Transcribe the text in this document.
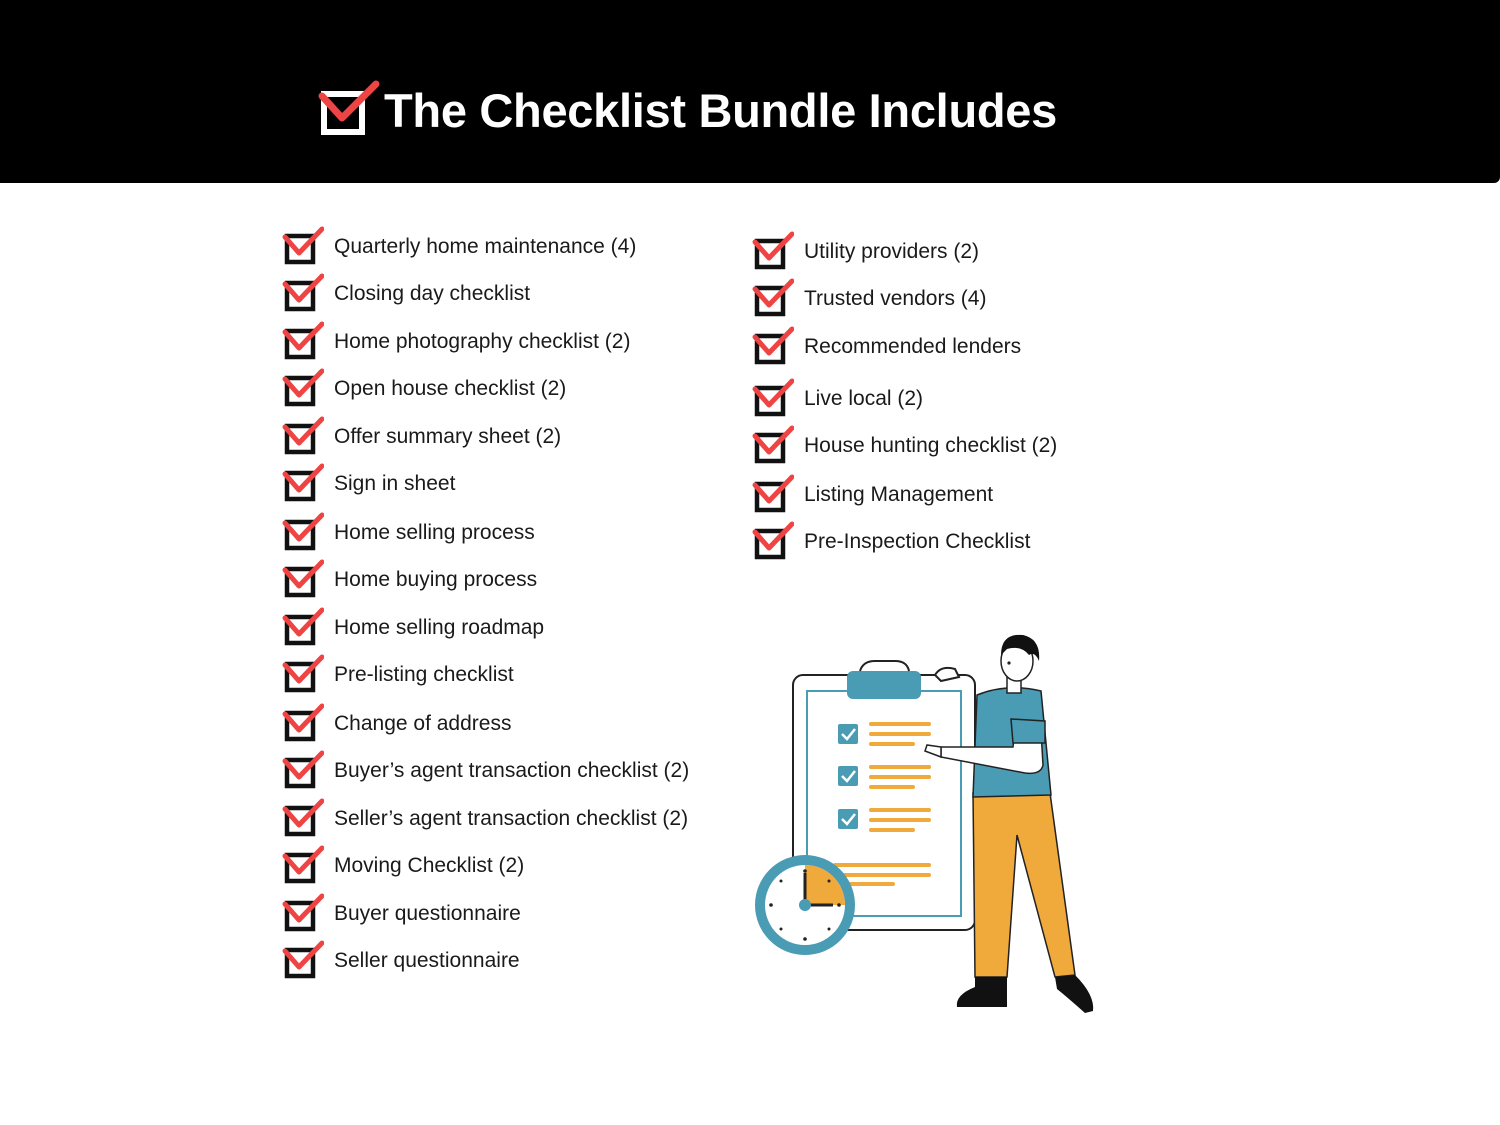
The Checklist Bundle Includes
Quarterly home maintenance (4)
Closing day checklist
Home photography checklist (2)
Open house checklist (2)
Offer summary sheet (2)
Sign in sheet
Home selling process
Home buying process
Home selling roadmap
Pre-listing checklist
Change of address
Buyer’s agent transaction checklist (2)
Seller’s agent transaction checklist (2)
Moving Checklist (2)
Buyer questionnaire
Seller questionnaire
Utility providers (2)
Trusted vendors (4)
Recommended lenders
Live local (2)
House hunting checklist (2)
Listing Management
Pre-Inspection Checklist
